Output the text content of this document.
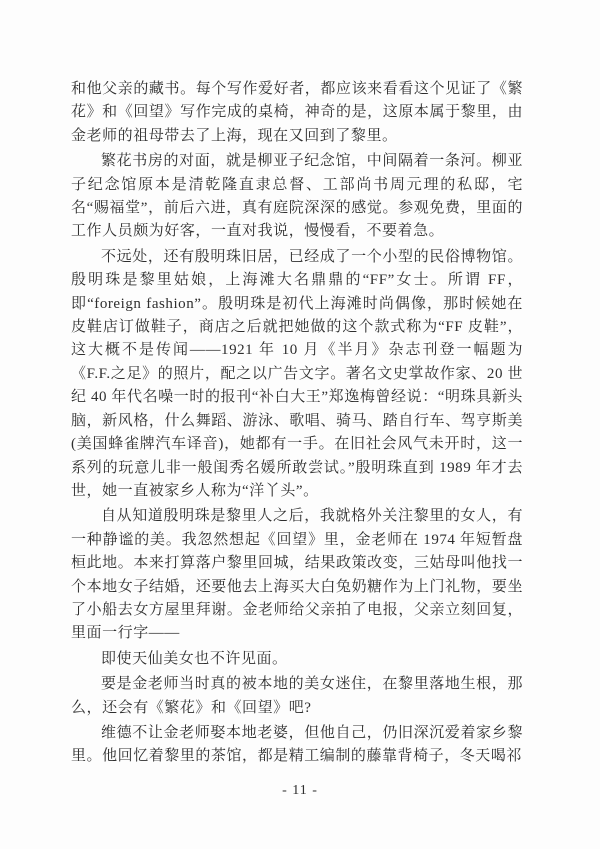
和他父亲的藏书。每个写作爱好者，都应该来看看这个见证了《繁花》和《回望》写作完成的桌椅，神奇的是，这原本属于黎里，由金老师的祖母带去了上海，现在又回到了黎里。

繁花书房的对面，就是柳亚子纪念馆，中间隔着一条河。柳亚子纪念馆原本是清乾隆直隶总督、工部尚书周元理的私邸，宅名“赐福堂”，前后六进，真有庭院深深的感觉。参观免费，里面的工作人员颇为好客，一直对我说，慢慢看，不要着急。

不远处，还有殷明珠旧居，已经成了一个小型的民俗博物馆。殷明珠是黎里姑娘，上海滩大名鼎鼎的“FF”女士。所谓 FF，即“foreign fashion”。殷明珠是初代上海滩时尚偶像，那时候她在皮鞋店订做鞋子，商店之后就把她做的这个款式称为“FF 皮鞋”，这大概不是传闻——1921 年 10 月《半月》杂志刊登一幅题为《F.F.之足》的照片，配之以广告文字。著名文史掌故作家、20 世纪 40 年代名噪一时的报刊“补白大王”郑逸梅曾经说：“明珠具新头脑，新风格，什么舞蹈、游泳、歌唱、骑马、踏自行车、驾亨斯美(美国蜂雀牌汽车译音)，她都有一手。在旧社会风气未开时，这一系列的玩意儿非一般闺秀名媛所敢尝试。”殷明珠直到 1989 年才去世，她一直被家乡人称为“洋丫头”。

自从知道殷明珠是黎里人之后，我就格外关注黎里的女人，有一种静谧的美。我忽然想起《回望》里，金老师在 1974 年短暂盘桓此地。本来打算落户黎里回城，结果政策改变，三姑母叫他找一个本地女子结婚，还要他去上海买大白兔奶糖作为上门礼物，要坐了小船去女方屋里拜谢。金老师给父亲拍了电报，父亲立刻回复，里面一行字——

即使天仙美女也不许见面。

要是金老师当时真的被本地的美女迷住，在黎里落地生根，那么，还会有《繁花》和《回望》吧?

维德不让金老师娶本地老婆，但他自己，仍旧深沉爱着家乡黎里。他回忆着黎里的茶馆，都是精工编制的藤靠背椅子，冬天喝祁

- 11 -
